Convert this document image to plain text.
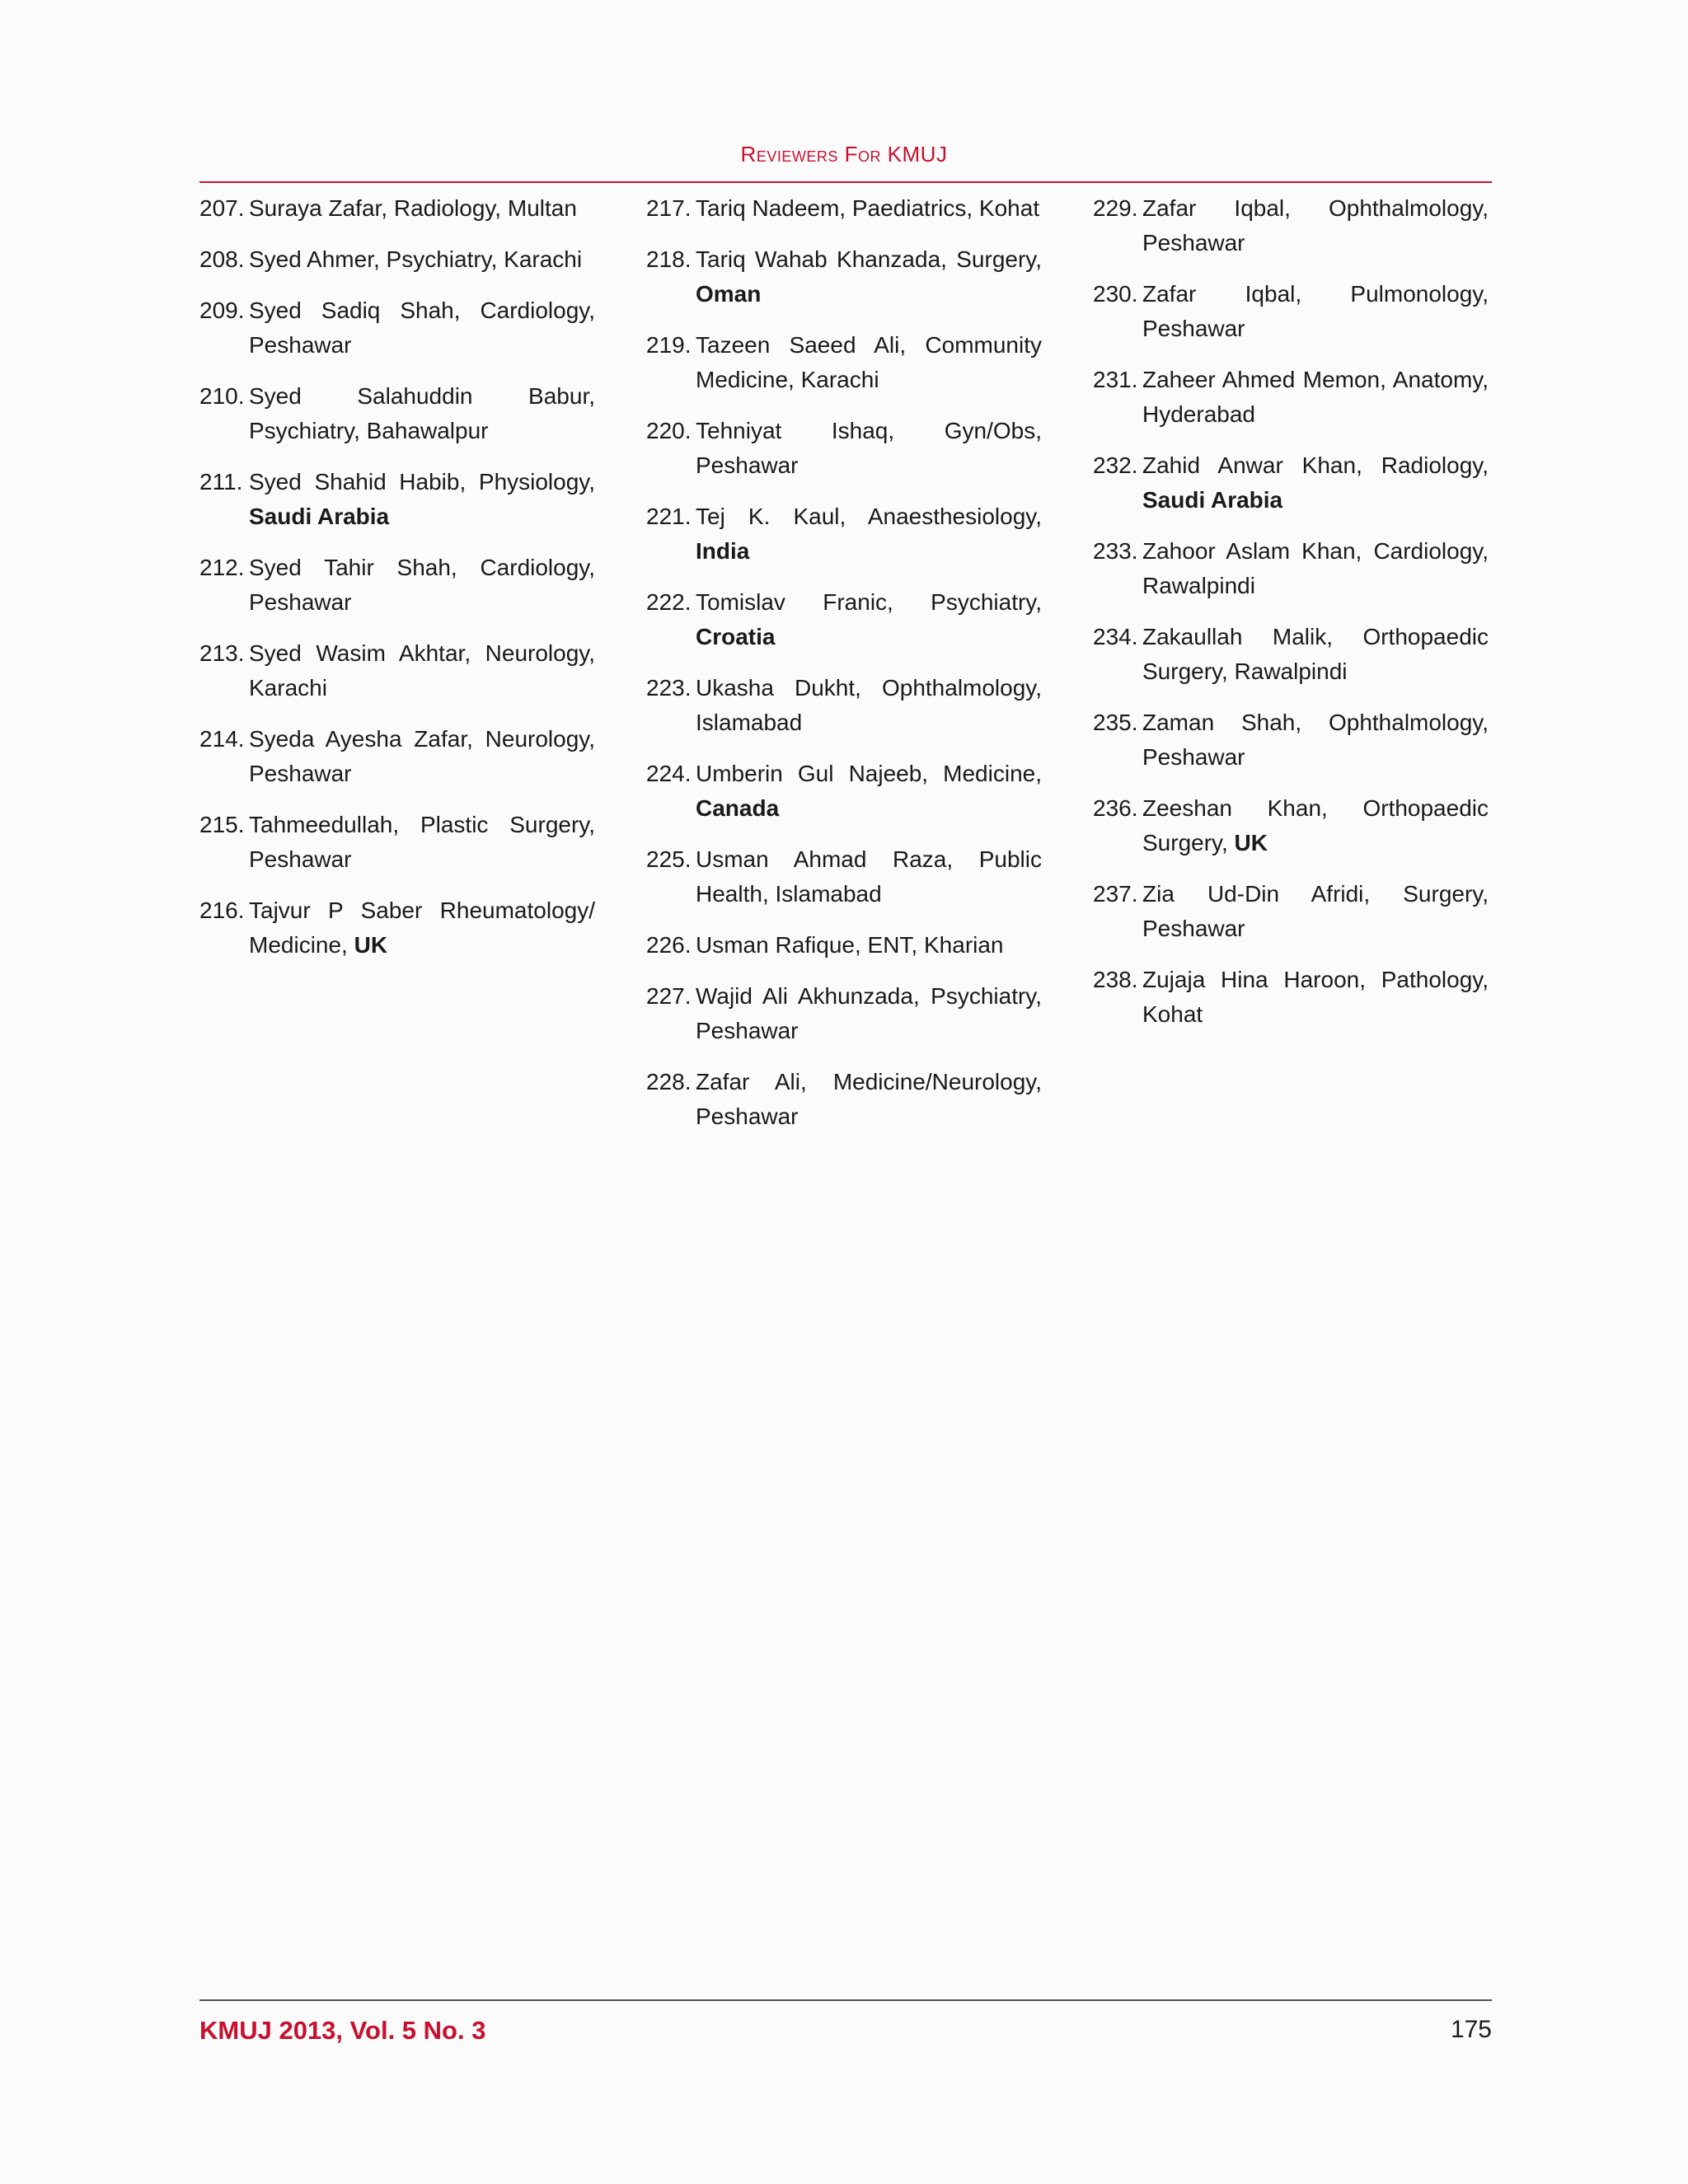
Reviewers For KMUJ
207. Suraya Zafar, Radiology, Multan
208. Syed Ahmer, Psychiatry, Karachi
209. Syed Sadiq Shah, Cardiology, Peshawar
210. Syed Salahuddin Babur, Psychiatry, Bahawalpur
211. Syed Shahid Habib, Physiology, Saudi Arabia
212. Syed Tahir Shah, Cardiology, Peshawar
213. Syed Wasim Akhtar, Neurology, Karachi
214. Syeda Ayesha Zafar, Neurology, Peshawar
215. Tahmeedullah, Plastic Surgery, Peshawar
216. Tajvur P Saber Rheumatology/ Medicine, UK
217. Tariq Nadeem, Paediatrics, Kohat
218. Tariq Wahab Khanzada, Surgery, Oman
219. Tazeen Saeed Ali, Community Medicine, Karachi
220. Tehniyat Ishaq, Gyn/Obs, Peshawar
221. Tej K. Kaul, Anaesthesiology, India
222. Tomislav Franic, Psychiatry, Croatia
223. Ukasha Dukht, Ophthalmology, Islamabad
224. Umberin Gul Najeeb, Medicine, Canada
225. Usman Ahmad Raza, Public Health, Islamabad
226. Usman Rafique, ENT, Kharian
227. Wajid Ali Akhunzada, Psychiatry, Peshawar
228. Zafar Ali, Medicine/Neurology, Peshawar
229. Zafar Iqbal, Ophthalmology, Peshawar
230. Zafar Iqbal, Pulmonology, Peshawar
231. Zaheer Ahmed Memon, Anatomy, Hyderabad
232. Zahid Anwar Khan, Radiology, Saudi Arabia
233. Zahoor Aslam Khan, Cardiology, Rawalpindi
234. Zakaullah Malik, Orthopaedic Surgery, Rawalpindi
235. Zaman Shah, Ophthalmology, Peshawar
236. Zeeshan Khan, Orthopaedic Surgery, UK
237. Zia Ud-Din Afridi, Surgery, Peshawar
238. Zujaja Hina Haroon, Pathology, Kohat
KMUJ 2013, Vol. 5 No. 3	175
